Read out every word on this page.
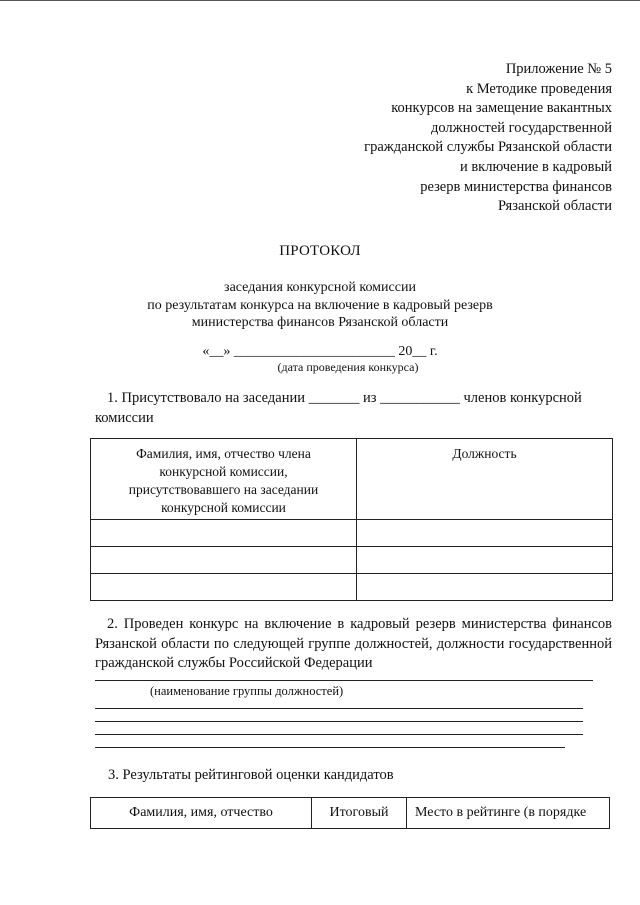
Приложение № 5
к Методике проведения
конкурсов на замещение вакантных
должностей государственной
гражданской службы Рязанской области
и включение в кадровый
резерв министерства финансов
Рязанской области
ПРОТОКОЛ
заседания конкурсной комиссии
по результатам конкурса на включение в кадровый резерв
министерства финансов Рязанской области
«__» _______________________ 20__ г.
(дата проведения конкурса)
1. Присутствовало на заседании _______ из ___________ членов конкурсной
комиссии
Фамилия, имя, отчество члена конкурсной комиссии, присутствовавшего на заседании конкурсной комиссии	Должность

2. Проведен конкурс на включение в кадровый резерв министерства финансов Рязанской области по следующей группе должностей, должности государственной гражданской службы Российской Федерации
(наименование группы должностей)
3. Результаты рейтинговой оценки кандидатов
Фамилия, имя, отчество	Итоговый	Место в рейтинге (в порядке
